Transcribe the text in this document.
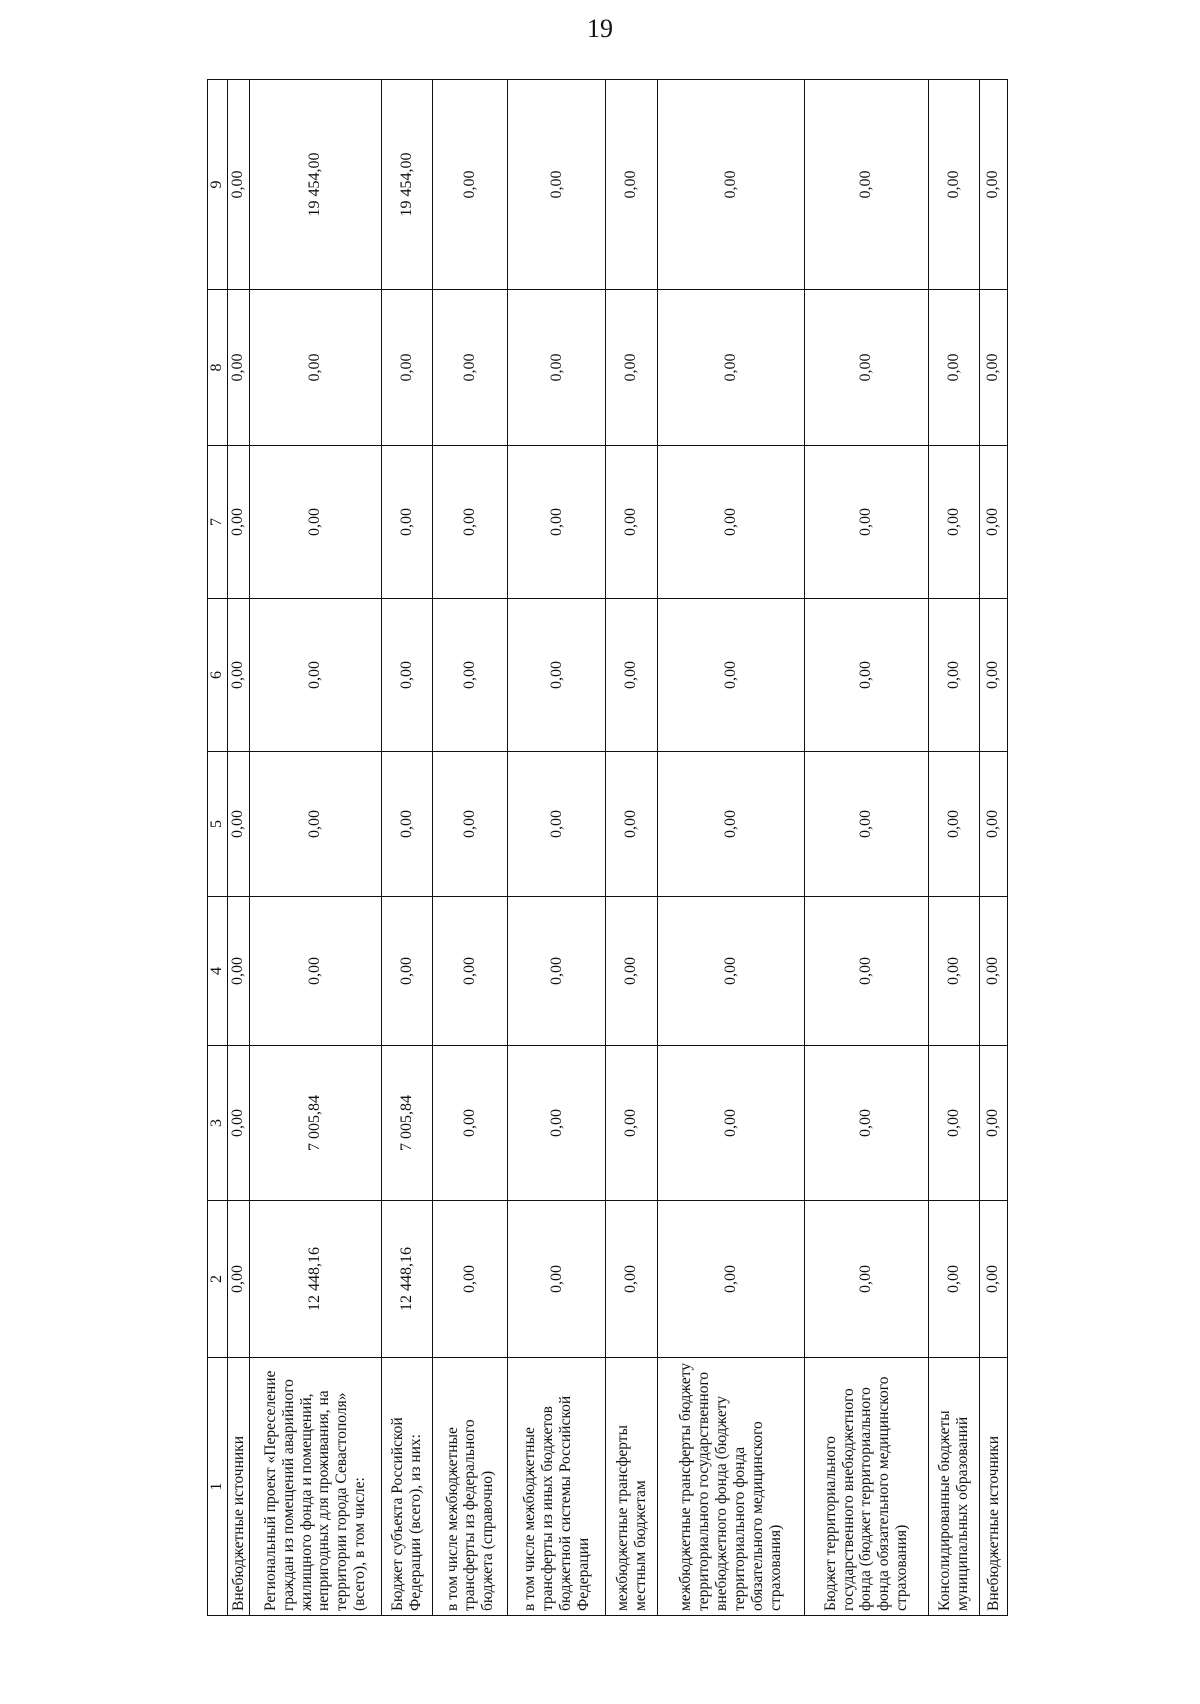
19
1	2	3	4	5	6	7	8	9
Внебюджетные источники	0,00	0,00	0,00	0,00	0,00	0,00	0,00	0,00
Региональный проект «Переселение граждан из помещений аварийного жилищного фонда и помещений, непригодных для проживания, на территории города Севастополя» (всего), в том числе:	12 448,16	7 005,84	0,00	0,00	0,00	0,00	0,00	19 454,00
Бюджет субъекта Российской Федерации (всего), из них:	12 448,16	7 005,84	0,00	0,00	0,00	0,00	0,00	19 454,00
в том числе межбюджетные трансферты из федерального бюджета (справочно)	0,00	0,00	0,00	0,00	0,00	0,00	0,00	0,00
в том числе межбюджетные трансферты из иных бюджетов бюджетной системы Российской Федерации	0,00	0,00	0,00	0,00	0,00	0,00	0,00	0,00
межбюджетные трансферты местным бюджетам	0,00	0,00	0,00	0,00	0,00	0,00	0,00	0,00
межбюджетные трансферты бюджету территориального государственного внебюджетного фонда (бюджету территориального фонда обязательного медицинского страхования)	0,00	0,00	0,00	0,00	0,00	0,00	0,00	0,00
Бюджет территориального государственного внебюджетного фонда (бюджет территориального фонда обязательного медицинского страхования)	0,00	0,00	0,00	0,00	0,00	0,00	0,00	0,00
Консолидированные бюджеты муниципальных образований	0,00	0,00	0,00	0,00	0,00	0,00	0,00	0,00
Внебюджетные источники	0,00	0,00	0,00	0,00	0,00	0,00	0,00	0,00
